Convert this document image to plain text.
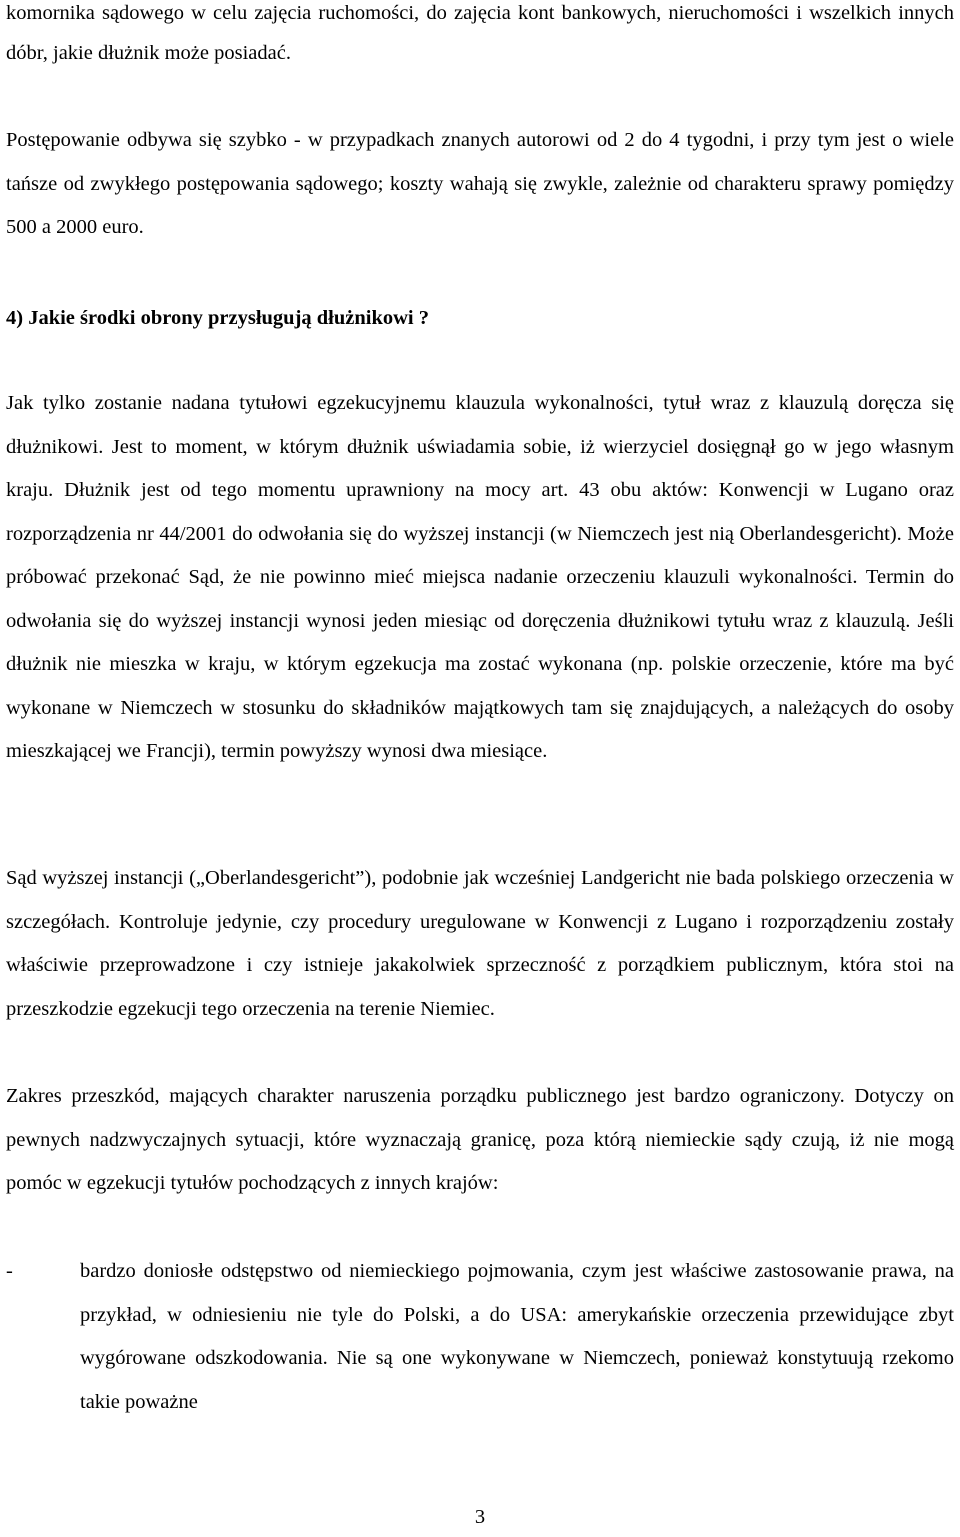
komornika sądowego w celu zajęcia ruchomości, do zajęcia kont bankowych, nieruchomości i wszelkich innych dóbr, jakie dłużnik może posiadać.

Postępowanie odbywa się szybko - w przypadkach znanych autorowi od 2 do 4 tygodni, i przy tym jest o wiele tańsze od zwykłego postępowania sądowego; koszty wahają się zwykle, zależnie od charakteru sprawy pomiędzy 500 a 2000 euro.

4) Jakie środki obrony przysługują dłużnikowi ?

Jak tylko zostanie nadana tytułowi egzekucyjnemu klauzula wykonalności, tytuł wraz z klauzulą doręcza się dłużnikowi. Jest to moment, w którym dłużnik uświadamia sobie, iż wierzyciel dosięgnął go w jego własnym kraju. Dłużnik jest od tego momentu uprawniony na mocy art. 43 obu aktów: Konwencji w Lugano oraz rozporządzenia nr 44/2001 do odwołania się do wyższej instancji (w Niemczech jest nią Oberlandesgericht). Może próbować przekonać Sąd, że nie powinno mieć miejsca nadanie orzeczeniu klauzuli wykonalności. Termin do odwołania się do wyższej instancji wynosi jeden miesiąc od doręczenia dłużnikowi tytułu wraz z klauzulą. Jeśli dłużnik nie mieszka w kraju, w którym egzekucja ma zostać wykonana (np. polskie orzeczenie, które ma być wykonane w Niemczech w stosunku do składników majątkowych tam się znajdujących, a należących do osoby mieszkającej we Francji), termin powyższy wynosi dwa miesiące.

Sąd wyższej instancji („Oberlandesgericht”), podobnie jak wcześniej Landgericht nie bada polskiego orzeczenia w szczegółach. Kontroluje jedynie, czy procedury uregulowane w Konwencji z Lugano i rozporządzeniu zostały właściwie przeprowadzone i czy istnieje jakakolwiek sprzeczność z porządkiem publicznym, która stoi na przeszkodzie egzekucji tego orzeczenia na terenie Niemiec.

Zakres przeszkód, mających charakter naruszenia porządku publicznego jest bardzo ograniczony. Dotyczy on pewnych nadzwyczajnych sytuacji, które wyznaczają granicę, poza którą niemieckie sądy czują, iż nie mogą pomóc w egzekucji tytułów pochodzących z innych krajów:

-	bardzo doniosłe odstępstwo od niemieckiego pojmowania, czym jest właściwe zastosowanie prawa, na przykład, w odniesieniu nie tyle do Polski, a do USA: amerykańskie orzeczenia przewidujące zbyt wygórowane odszkodowania. Nie są one wykonywane w Niemczech, ponieważ konstytuują rzekomo takie poważne
3
